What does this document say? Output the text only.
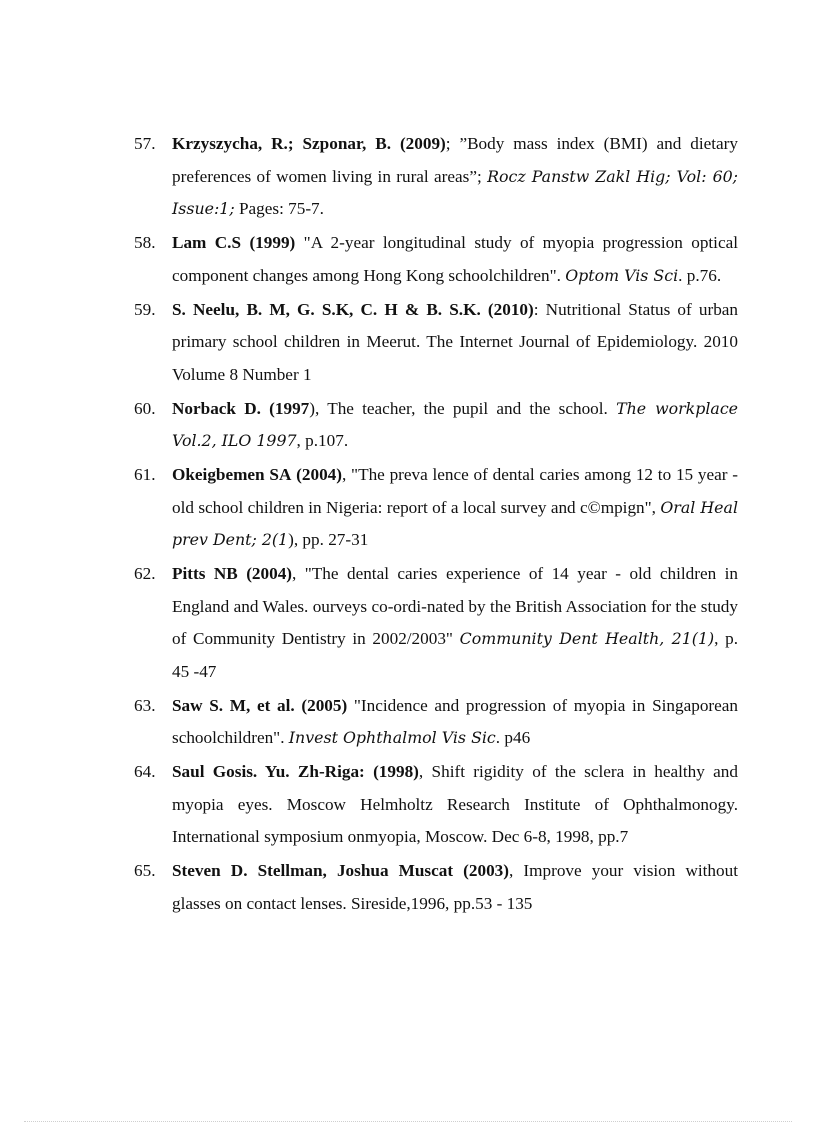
57. Krzyszycha, R.; Szponar, B. (2009); ”Body mass index (BMI) and dietary preferences of women living in rural areas”; Rocz Panstw Zakl Hig; Vol: 60; Issue:1; Pages: 75-7.
58. Lam C.S (1999) "A 2-year longitudinal study of myopia progression optical component changes among Hong Kong schoolchildren". Optom Vis Sci. p.76.
59. S. Neelu, B. M, G. S.K, C. H & B. S.K. (2010): Nutritional Status of urban primary school children in Meerut. The Internet Journal of Epidemiology. 2010 Volume 8 Number 1
60. Norback D. (1997), The teacher, the pupil and the school. The workplace Vol.2, ILO 1997, p.107.
61. Okeigbemen SA (2004), "The preva lence of dental caries among 12 to 15 year - old school children in Nigeria: report of a local survey and c©mpign", Oral Heal prev Dent; 2(1), pp. 27-31
62. Pitts NB (2004), "The dental caries experience of 14 year - old children in England and Wales. ourveys co-ordi-nated by the British Association for the study of Community Dentistry in 2002/2003" Community Dent Health, 21(1), p. 45 -47
63. Saw S. M, et al. (2005) "Incidence and progression of myopia in Singaporean schoolchildren". Invest Ophthalmol Vis Sic. p46
64. Saul Gosis. Yu. Zh-Riga: (1998), Shift rigidity of the sclera in healthy and myopia eyes. Moscow Helmholtz Research Institute of Ophthalmonogy. International symposium onmyopia, Moscow. Dec 6-8, 1998, pp.7
65. Steven D. Stellman, Joshua Muscat (2003), Improve your vision without glasses on contact lenses. Sireside,1996, pp.53 - 135
